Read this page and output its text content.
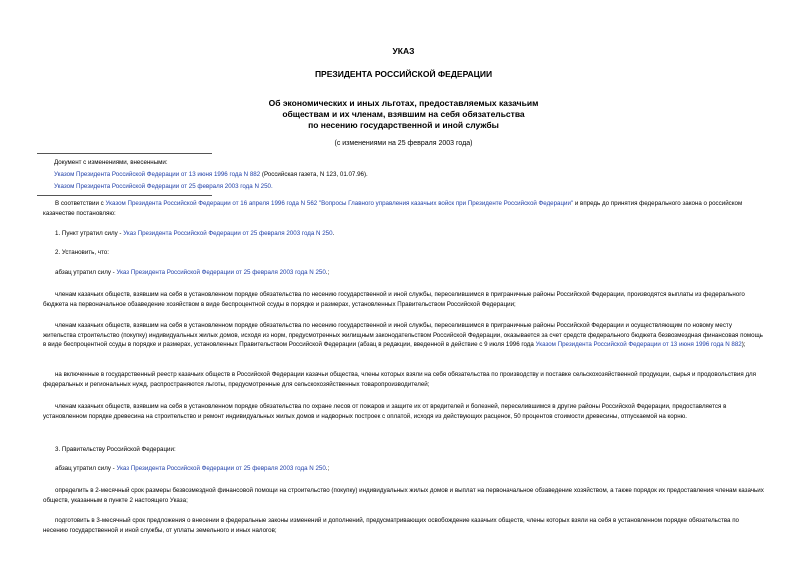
УКАЗ
ПРЕЗИДЕНТА РОССИЙСКОЙ ФЕДЕРАЦИИ
Об экономических и иных льготах, предоставляемых казачьим
обществам и их членам, взявшим на себя обязательства
по несению государственной и иной службы
(с изменениями на 25 февраля 2003 года)
Документ с изменениями, внесенными:
Указом Президента Российской Федерации от 13 июня 1996 года N 882 (Российская газета, N 123, 01.07.96).
Указом Президента Российской Федерации от 25 февраля 2003 года N 250.
В соответствии с Указом Президента Российской Федерации от 16 апреля 1996 года N 562 "Вопросы Главного управления казачьих войск при Президенте Российской Федерации" и впредь до принятия федерального закона о российском казачестве постановляю:
1. Пункт утратил силу - Указ Президента Российской Федерации от 25 февраля 2003 года N 250.
2. Установить, что:
абзац утратил силу - Указ Президента Российской Федерации от 25 февраля 2003 года N 250.;
членам казачьих обществ, взявшим на себя в установленном порядке обязательства по несению государственной и иной службы, переселившимся в приграничные районы Российской Федерации, производятся выплаты из федерального бюджета на первоначальное обзаведение хозяйством в виде беспроцентной ссуды в порядке и размерах, установленных Правительством Российской Федерации;
членам казачьих обществ, взявшим на себя в установленном порядке обязательства по несению государственной и иной службы, переселившимся в приграничные районы Российской Федерации и осуществляющим по новому месту жительства строительство (покупку) индивидуальных жилых домов, исходя из норм, предусмотренных жилищным законодательством Российской Федерации, оказывается за счет средств федерального бюджета безвозмездная финансовая помощь в виде беспроцентной ссуды в порядке и размерах, установленных Правительством Российской Федерации (абзац в редакции, введенной в действие с 9 июля 1996 года Указом Президента Российской Федерации от 13 июня 1996 года N 882);
на включенные в государственный реестр казачьих обществ в Российской Федерации казачьи общества, члены которых взяли на себя обязательства по производству и поставке сельскохозяйственной продукции, сырья и продовольствия для федеральных и региональных нужд, распространяются льготы, предусмотренные для сельскохозяйственных товаропроизводителей;
членам казачьих обществ, взявшим на себя в установленном порядке обязательства по охране лесов от пожаров и защите их от вредителей и болезней, переселившимся в другие районы Российской Федерации, предоставляется в установленном порядке древесина на строительство и ремонт индивидуальных жилых домов и надворных построек с оплатой, исходя из действующих расценок, 50 процентов стоимости древесины, отпускаемой на корню.
3. Правительству Российской Федерации:
абзац утратил силу - Указ Президента Российской Федерации от 25 февраля 2003 года N 250.;
определить в 2-месячный срок размеры безвозмездной финансовой помощи на строительство (покупку) индивидуальных жилых домов и выплат на первоначальное обзаведение хозяйством, а также порядок их предоставления членам казачьих обществ, указанным в пункте 2 настоящего Указа;
подготовить в 3-месячный срок предложения о внесении в федеральные законы изменений и дополнений, предусматривающих освобождение казачьих обществ, члены которых взяли на себя в установленном порядке обязательства по несению государственной и иной службы, от уплаты земельного и иных налогов;
